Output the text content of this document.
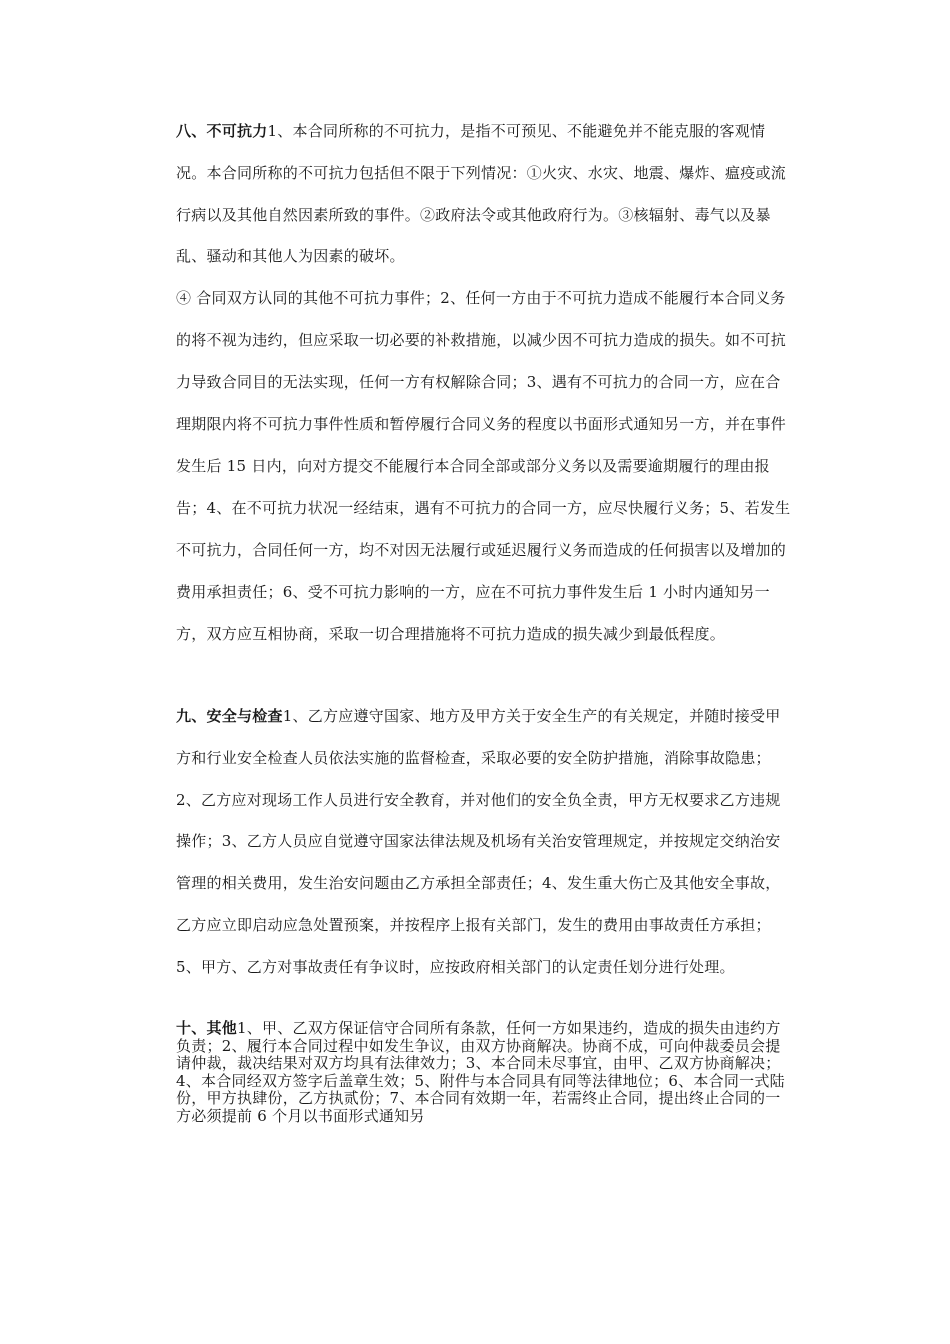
八、不可抗力1、本合同所称的不可抗力，是指不可预见、不能避免并不能克服的客观情
况。本合同所称的不可抗力包括但不限于下列情况：①火灾、水灾、地震、爆炸、瘟疫或流
行病以及其他自然因素所致的事件。②政府法令或其他政府行为。③核辐射、毒气以及暴
乱、骚动和其他人为因素的破坏。
④ 合同双方认同的其他不可抗力事件；2、任何一方由于不可抗力造成不能履行本合同义务
的将不视为违约，但应采取一切必要的补救措施，以减少因不可抗力造成的损失。如不可抗
力导致合同目的无法实现，任何一方有权解除合同；3、遇有不可抗力的合同一方，应在合
理期限内将不可抗力事件性质和暂停履行合同义务的程度以书面形式通知另一方，并在事件
发生后 15 日内，向对方提交不能履行本合同全部或部分义务以及需要逾期履行的理由报
告；4、在不可抗力状况一经结束，遇有不可抗力的合同一方，应尽快履行义务；5、若发生
不可抗力，合同任何一方，均不对因无法履行或延迟履行义务而造成的任何损害以及增加的
费用承担责任；6、受不可抗力影响的一方，应在不可抗力事件发生后 1 小时内通知另一
方，双方应互相协商，采取一切合理措施将不可抗力造成的损失减少到最低程度。
九、安全与检查1、乙方应遵守国家、地方及甲方关于安全生产的有关规定，并随时接受甲
方和行业安全检查人员依法实施的监督检查，采取必要的安全防护措施，消除事故隐患；
2、乙方应对现场工作人员进行安全教育，并对他们的安全负全责，甲方无权要求乙方违规
操作；3、乙方人员应自觉遵守国家法律法规及机场有关治安管理规定，并按规定交纳治安
管理的相关费用，发生治安问题由乙方承担全部责任；4、发生重大伤亡及其他安全事故，
乙方应立即启动应急处置预案，并按程序上报有关部门，发生的费用由事故责任方承担；
5、甲方、乙方对事故责任有争议时，应按政府相关部门的认定责任划分进行处理。
十、其他1、甲、乙双方保证信守合同所有条款，任何一方如果违约，造成的损失由违约方
负责；2、履行本合同过程中如发生争议，由双方协商解决。协商不成，可向仲裁委员会提
请仲裁，裁决结果对双方均具有法律效力；3、本合同未尽事宜，由甲、乙双方协商解决；
4、本合同经双方签字后盖章生效；5、附件与本合同具有同等法律地位；6、本合同一式陆
份，甲方执肆份，乙方执贰份；7、本合同有效期一年，若需终止合同，提出终止合同的一
方必须提前 6 个月以书面形式通知另
